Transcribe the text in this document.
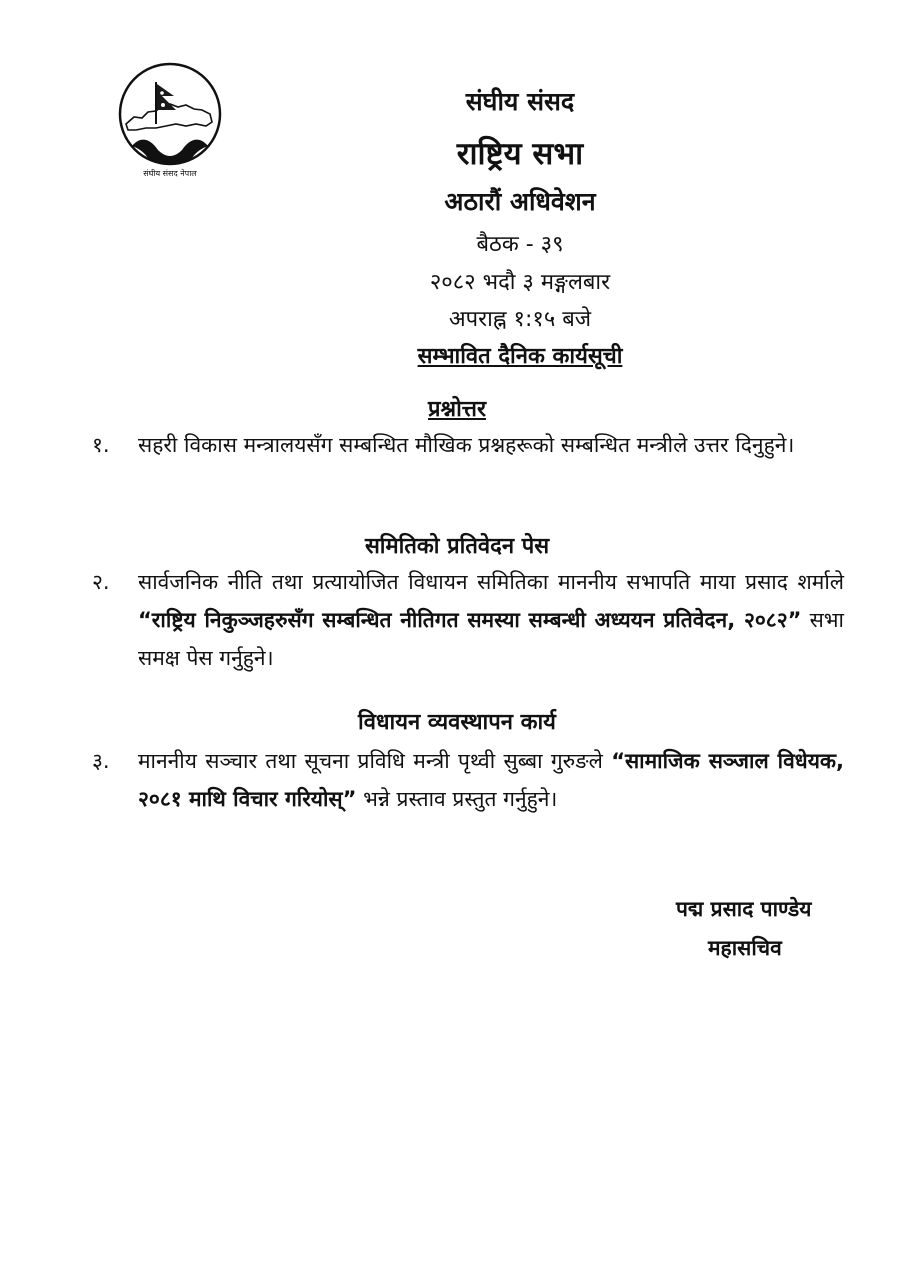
संघीय संसद नेपाल
संघीय संसद
राष्ट्रिय सभा
अठारौं अधिवेशन
बैठक - ३९
२०८२ भदौ ३ मङ्गलबार
अपराह्न १:१५ बजे
सम्भावित दैनिक कार्यसूची
प्रश्नोत्तर
१.	सहरी विकास मन्त्रालयसँग सम्बन्धित मौखिक प्रश्नहरूको सम्बन्धित मन्त्रीले उत्तर दिनुहुने।
समितिको प्रतिवेदन पेस
२.	सार्वजनिक नीति तथा प्रत्यायोजित विधायन समितिका माननीय सभापति माया प्रसाद शर्माले “राष्ट्रिय निकुञ्जहरुसँग सम्बन्धित नीतिगत समस्या सम्बन्धी अध्ययन प्रतिवेदन, २०८२” सभा समक्ष पेस गर्नुहुने।
विधायन व्यवस्थापन कार्य
३.	माननीय सञ्चार तथा सूचना प्रविधि मन्त्री पृथ्वी सुब्बा गुरुङले “सामाजिक सञ्जाल विधेयक, २०८१ माथि विचार गरियोस्” भन्ने प्रस्ताव प्रस्तुत गर्नुहुने।
पद्म प्रसाद पाण्डेय
महासचिव
